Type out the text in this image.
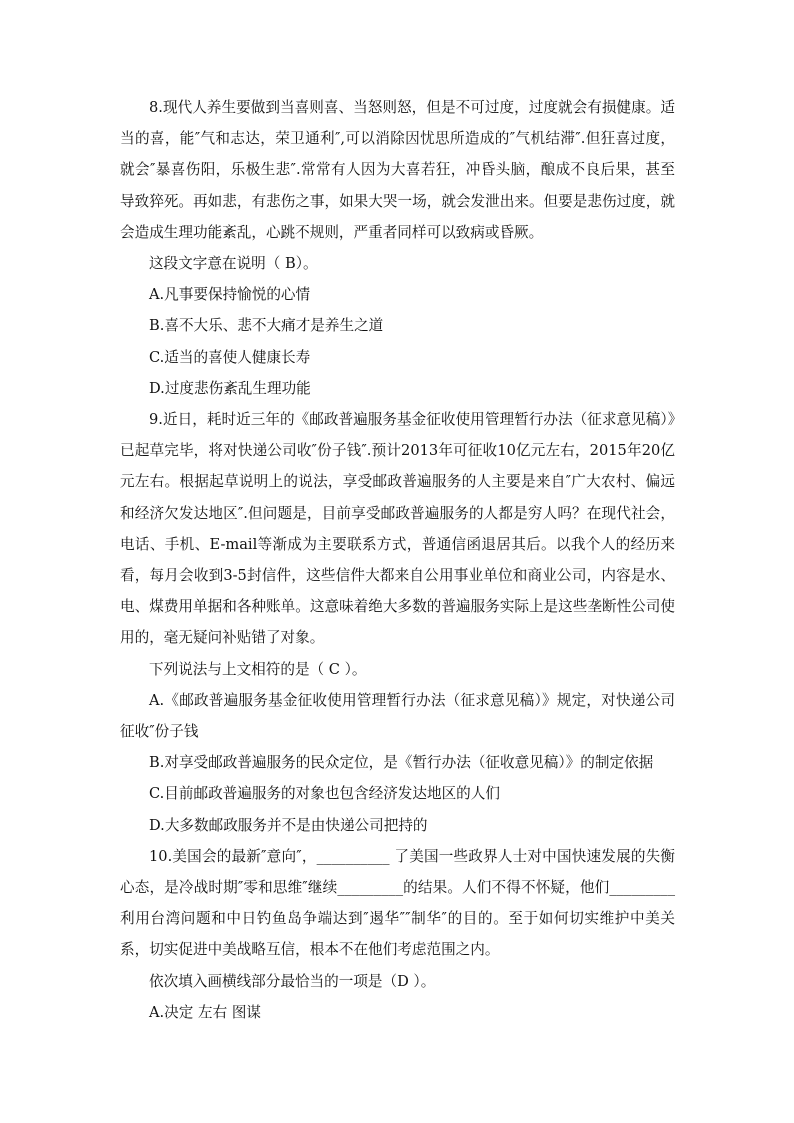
8.现代人养生要做到当喜则喜、当怒则怒，但是不可过度，过度就会有损健康。适当的喜，能″气和志达，荣卫通利″,可以消除因忧思所造成的″气机结滞″.但狂喜过度，就会″暴喜伤阳，乐极生悲″.常常有人因为大喜若狂，冲昏头脑，酿成不良后果，甚至导致猝死。再如悲，有悲伤之事，如果大哭一场，就会发泄出来。但要是悲伤过度，就会造成生理功能紊乱，心跳不规则，严重者同样可以致病或昏厥。

这段文字意在说明（ B）。

A.凡事要保持愉悦的心情

B.喜不大乐、悲不大痛才是养生之道

C.适当的喜使人健康长寿

D.过度悲伤紊乱生理功能

9.近日，耗时近三年的《邮政普遍服务基金征收使用管理暂行办法（征求意见稿）》已起草完毕，将对快递公司收″份子钱″.预计2013年可征收10亿元左右，2015年20亿元左右。根据起草说明上的说法，享受邮政普遍服务的人主要是来自″广大农村、偏远和经济欠发达地区″.但问题是，目前享受邮政普遍服务的人都是穷人吗？在现代社会，电话、手机、E-mail等渐成为主要联系方式，普通信函退居其后。以我个人的经历来看，每月会收到3-5封信件，这些信件大都来自公用事业单位和商业公司，内容是水、电、煤费用单据和各种账单。这意味着绝大多数的普遍服务实际上是这些垄断性公司使用的，毫无疑问补贴错了对象。

下列说法与上文相符的是（ C ）。

A.《邮政普遍服务基金征收使用管理暂行办法（征求意见稿）》规定，对快递公司征收″份子钱

B.对享受邮政普遍服务的民众定位，是《暂行办法（征收意见稿）》的制定依据

C.目前邮政普遍服务的对象也包含经济发达地区的人们

D.大多数邮政服务并不是由快递公司把持的

10.美国会的最新″意向″，__________ 了美国一些政界人士对中国快速发展的失衡心态，是冷战时期″零和思维″继续_________的结果。人们不得不怀疑，他们_________利用台湾问题和中日钓鱼岛争端达到″遏华″″制华″的目的。至于如何切实维护中美关系，切实促进中美战略互信，根本不在他们考虑范围之内。

依次填入画横线部分最恰当的一项是（D ）。

A.决定 左右 图谋
